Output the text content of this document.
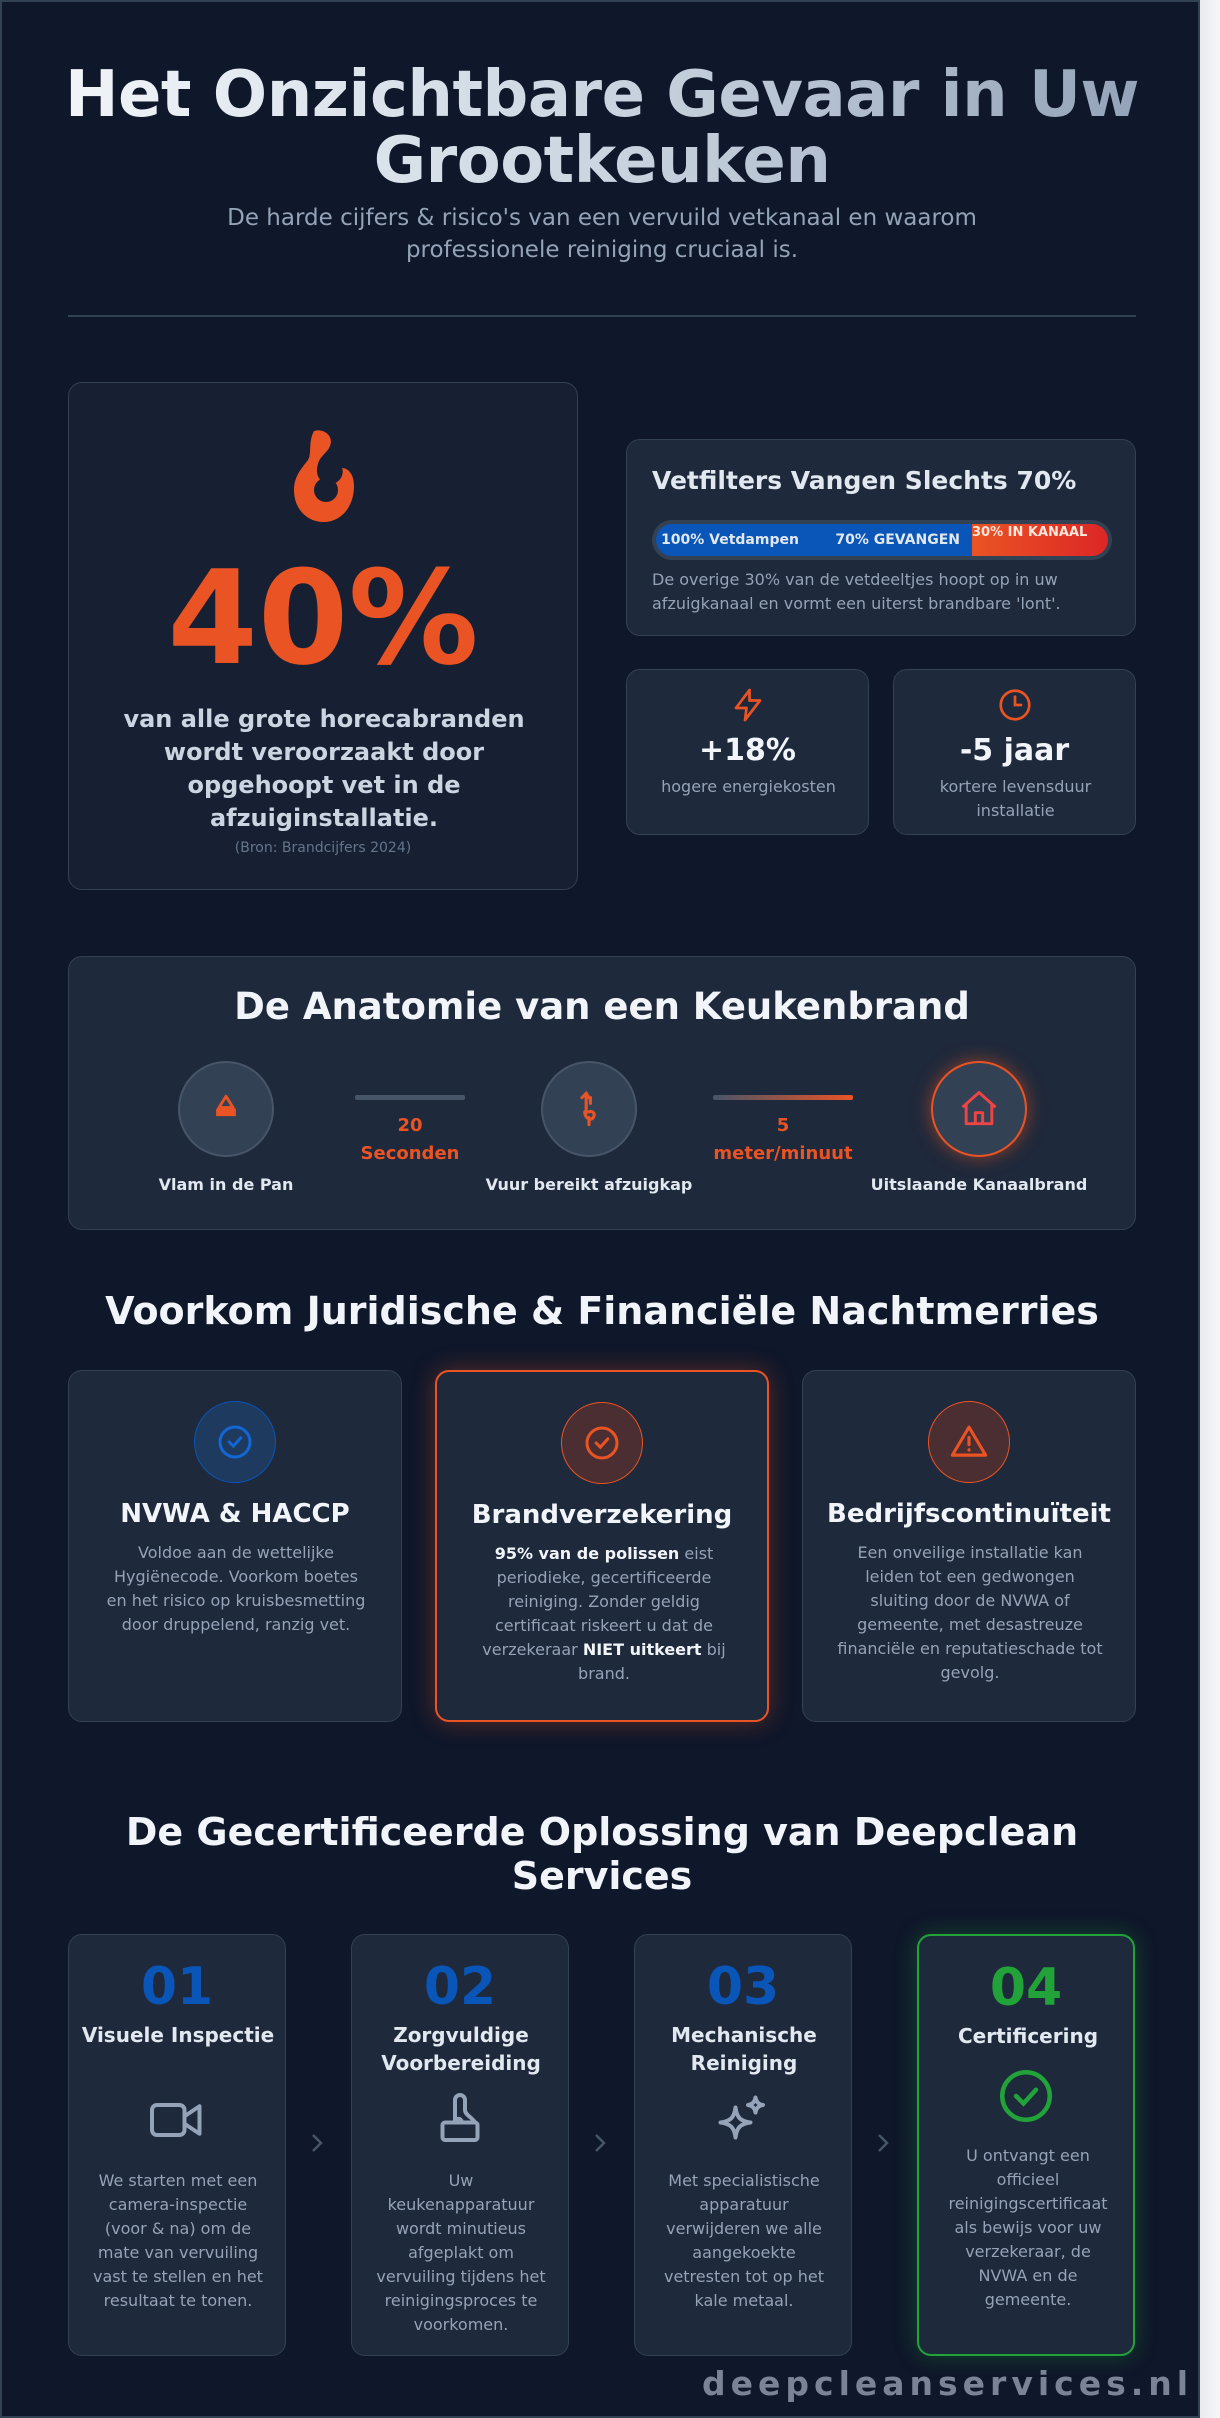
Het Onzichtbare Gevaar in Uw Grootkeuken

De harde cijfers & risico's van een vervuild vetkanaal en waarom professionele reiniging cruciaal is.

40%
van alle grote horecabranden wordt veroorzaakt door opgehoopt vet in de afzuiginstallatie.
(Bron: Brandcijfers 2024)
Vetfilters Vangen Slechts 70%
100% Vetdampen	70% GEVANGEN 30% IN KANAAL
De overige 30% van de vetdeeltjes hoopt op in uw afzuigkanaal en vormt een uiterst brandbare 'lont'.
+18%
hogere energiekosten
-5 jaar
kortere levensduur installatie
De Anatomie van een Keukenbrand
Vlam in de Pan
20
Seconden
Vuur bereikt afzuigkap
5
meter/minuut
Uitslaande Kanaalbrand
Voorkom Juridische & Financiële Nachtmerries
NVWA & HACCP
Voldoe aan de wettelijke Hygiënecode. Voorkom boetes en het risico op kruisbesmetting door druppelend, ranzig vet.
Brandverzekering
95% van de polissen eist periodieke, gecertificeerde reiniging. Zonder geldig certificaat riskeert u dat de verzekeraar NIET uitkeert bij brand.
Bedrijfscontinuïteit
Een onveilige installatie kan leiden tot een gedwongen sluiting door de NVWA of gemeente, met desastreuze financiële en reputatieschade tot gevolg.
De Gecertificeerde Oplossing van Deepclean Services
01
Visuele Inspectie
We starten met een camera-inspectie (voor & na) om de mate van vervuiling vast te stellen en het resultaat te tonen.
02
Zorgvuldige Voorbereiding
Uw keukenapparatuur wordt minutieus afgeplakt om vervuiling tijdens het reinigingsproces te voorkomen.
03
Mechanische Reiniging
Met specialistische apparatuur verwijderen we alle aangekoekte vetresten tot op het kale metaal.
04
Certificering
U ontvangt een officieel reinigingscertificaat als bewijs voor uw verzekeraar, de NVWA en de gemeente.
deepcleanservices.nl
